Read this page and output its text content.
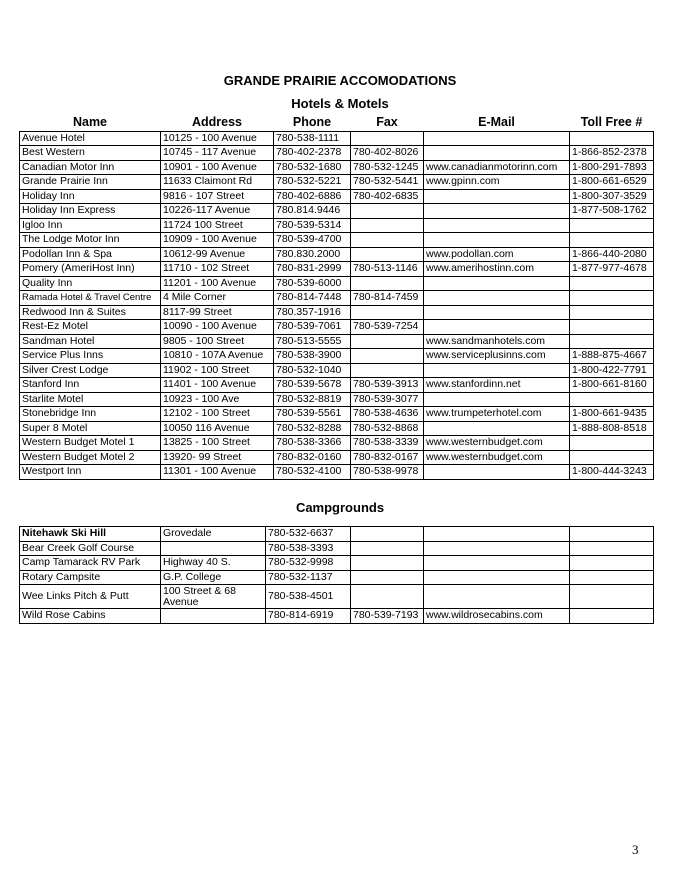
GRANDE PRAIRIE ACCOMODATIONS
Hotels & Motels
Name	Address	Phone	Fax	E-Mail	Toll Free #
Avenue Hotel	10125 - 100 Avenue	780-538-1111			
Best Western	10745 - 117 Avenue	780-402-2378	780-402-8026		1-866-852-2378
Canadian Motor Inn	10901 - 100 Avenue	780-532-1680	780-532-1245	www.canadianmotorinn.com	1-800-291-7893
Grande Prairie Inn	11633 Claimont Rd	780-532-5221	780-532-5441	www.gpinn.com	1-800-661-6529
Holiday Inn	9816 - 107 Street	780-402-6886	780-402-6835		1-800-307-3529
Holiday Inn Express	10226-117 Avenue	780.814.9446			1-877-508-1762
Igloo Inn	11724 100 Street	780-539-5314			
The Lodge Motor Inn	10909 - 100 Avenue	780-539-4700			
Podollan Inn & Spa	10612-99 Avenue	780.830.2000		www.podollan.com	1-866-440-2080
Pomery (AmeriHost Inn)	11710 - 102 Street	780-831-2999	780-513-1146	www.amerihostinn.com	1-877-977-4678
Quality Inn	11201 - 100 Avenue	780-539-6000			
Ramada Hotel & Travel Centre	4 Mile Corner	780-814-7448	780-814-7459		
Redwood Inn & Suites	8117-99 Street	780.357-1916			
Rest-Ez Motel	10090 - 100 Avenue	780-539-7061	780-539-7254		
Sandman Hotel	9805 - 100 Street	780-513-5555		www.sandmanhotels.com	
Service Plus Inns	10810 - 107A Avenue	780-538-3900		www.serviceplusinns.com	1-888-875-4667
Silver Crest Lodge	11902 - 100 Street	780-532-1040			1-800-422-7791
Stanford Inn	11401 - 100 Avenue	780-539-5678	780-539-3913	www.stanfordinn.net	1-800-661-8160
Starlite Motel	10923 - 100 Ave	780-532-8819	780-539-3077		
Stonebridge Inn	12102 - 100 Street	780-539-5561	780-538-4636	www.trumpeterhotel.com	1-800-661-9435
Super 8 Motel	10050 116 Avenue	780-532-8288	780-532-8868		1-888-808-8518
Western Budget Motel 1	13825 - 100 Street	780-538-3366	780-538-3339	www.westernbudget.com	
Western Budget Motel 2	13920- 99 Street	780-832-0160	780-832-0167	www.westernbudget.com	
Westport Inn	11301 - 100 Avenue	780-532-4100	780-538-9978		1-800-444-3243
Campgrounds
Nitehawk Ski Hill	Grovedale	780-532-6637			
Bear Creek Golf Course		780-538-3393			
Camp Tamarack RV Park	Highway 40 S.	780-532-9998			
Rotary Campsite	G.P. College	780-532-1137			
Wee Links Pitch & Putt	100 Street & 68 Avenue	780-538-4501			
Wild Rose Cabins		780-814-6919	780-539-7193	www.wildrosecabins.com	
3
